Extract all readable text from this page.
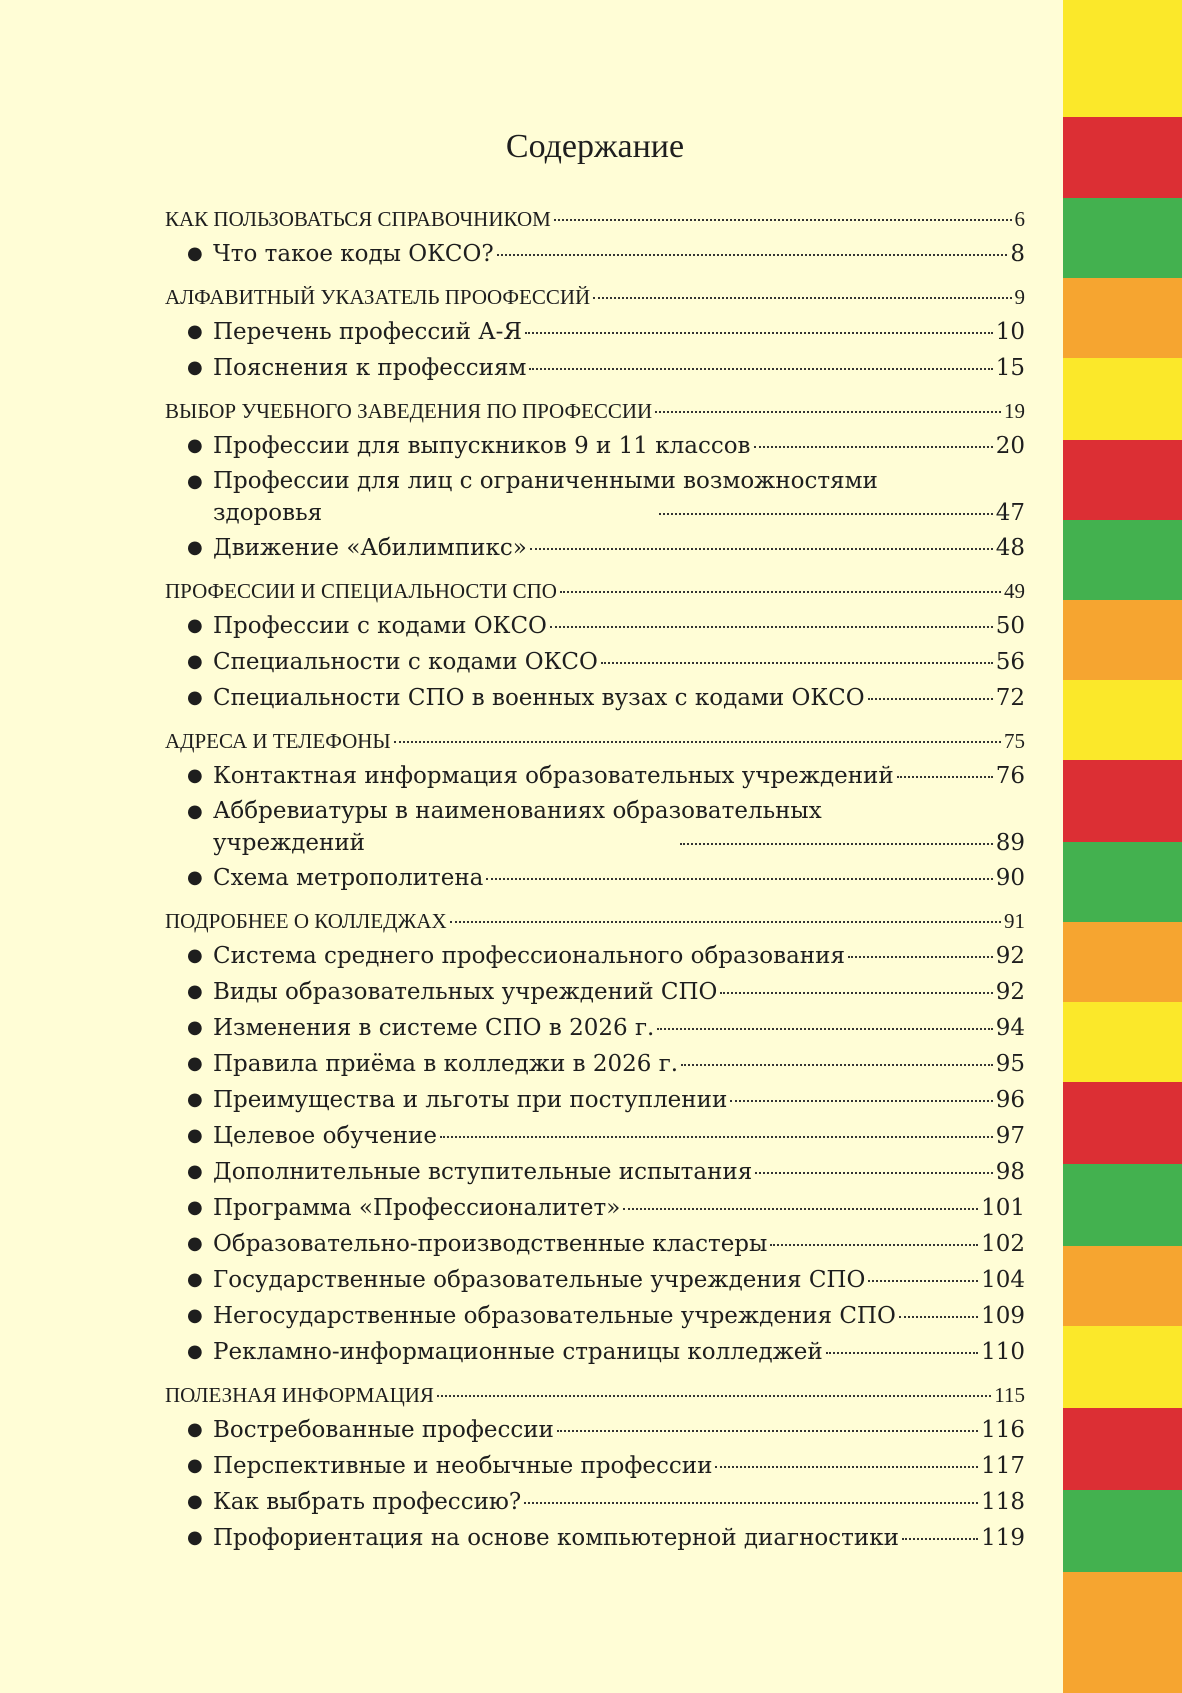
Содержание
КАК ПОЛЬЗОВАТЬСЯ СПРАВОЧНИКОМ	6
● Что такое коды ОКСО?	8
АЛФАВИТНЫЙ УКАЗАТЕЛЬ ПРООФЕССИЙ	9
● Перечень профессий А-Я	10
● Пояснения к профессиям	15
ВЫБОР УЧЕБНОГО ЗАВЕДЕНИЯ ПО ПРОФЕССИИ	19
● Профессии для выпускников 9 и 11 классов	20
● Профессии для лиц с ограниченными возможностями
здоровья	47
● Движение «Абилимпикс»	48
ПРОФЕССИИ И СПЕЦИАЛЬНОСТИ СПО	49
● Профессии с кодами ОКСО	50
● Специальности с кодами ОКСО	56
● Специальности СПО в военных вузах с кодами ОКСО	72
АДРЕСА И ТЕЛЕФОНЫ	75
● Контактная информация образовательных учреждений	76
● Аббревиатуры в наименованиях образовательных
учреждений	89
● Схема метрополитена	90
ПОДРОБНЕЕ О КОЛЛЕДЖАХ	91
● Система среднего профессионального образования	92
● Виды образовательных учреждений СПО	92
● Изменения в системе СПО в 2026 г.	94
● Правила приёма в колледжи в 2026 г.	95
● Преимущества и льготы при поступлении	96
● Целевое обучение	97
● Дополнительные вступительные испытания	98
● Программа «Профессионалитет»	101
● Образовательно-производственные кластеры	102
● Государственные образовательные учреждения СПО	104
● Негосударственные образовательные учреждения СПО	109
● Рекламно-информационные страницы колледжей	110
ПОЛЕЗНАЯ ИНФОРМАЦИЯ	115
● Востребованные профессии	116
● Перспективные и необычные профессии	117
● Как выбрать профессию?	118
● Профориентация на основе компьютерной диагностики	119
